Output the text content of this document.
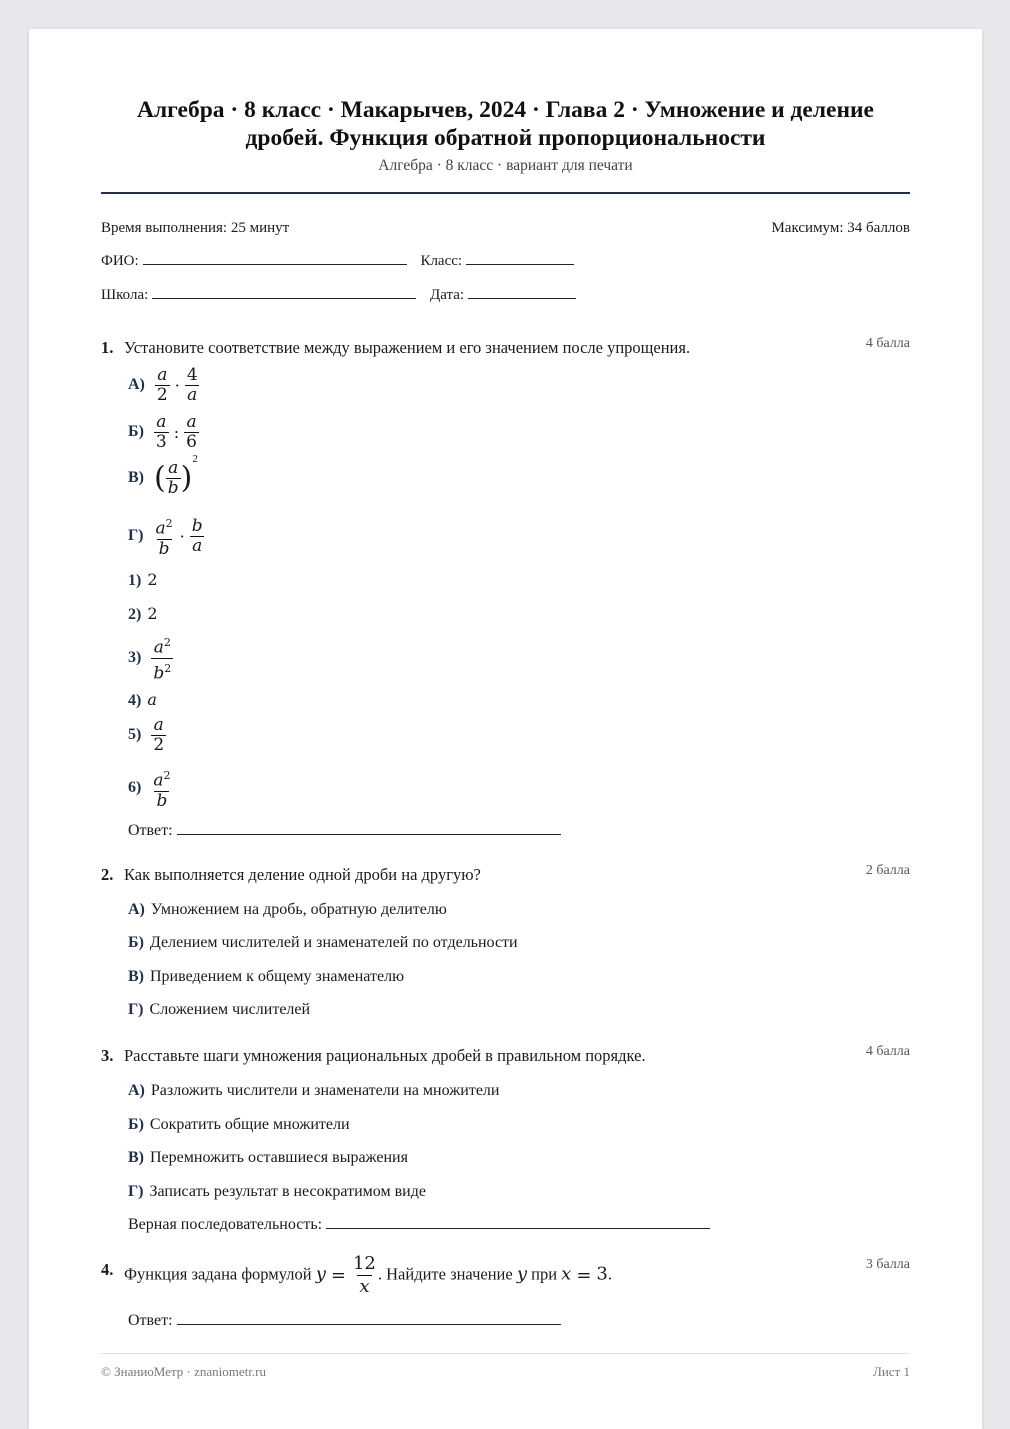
Алгебра · 8 класс · Макарычев, 2024 · Глава 2 · Умножение и деление дробей. Функция обратной пропорциональности
Алгебра · 8 класс · вариант для печати
Время выполнения: 25 минут	Максимум: 34 баллов
ФИО:	Класс:
Школа:	Дата:
1. Установите соответствие между выражением и его значением после упрощения.	4 балла
$А) \frac{a}{2} \cdot \frac{4}{a}$
$Б) \frac{a}{3}$ : $\frac{a}{6}$
В) ( $\frac{a}{b} )^2$
$Г) \frac{a^2}{b} \cdot \frac{b}{a}$
1) 2
2) 2
$3) \frac{a^2}{b^2}$
4) a
$5) \frac{a}{2}$
$6) \frac{a^2}{b}$
Ответ:
2. Как выполняется деление одной дроби на другую?	2 балла
А) Умножением на дробь, обратную делителю
Б) Делением числителей и знаменателей по отдельности
В) Приведением к общему знаменателю
Г) Сложением числителей
3. Расставьте шаги умножения рациональных дробей в правильном порядке.	4 балла
А) Разложить числители и знаменатели на множители
Б) Сократить общие множители
В) Перемножить оставшиеся выражения
Г) Записать результат в несократимом виде
Верная последовательность:
4. Функция задана формулой $y = \frac{12}{x}$ . Найдите значение y при x = 3.	3 балла
Ответ:
© ЗнаниоМетр · znaniometr.ru	Лист 1
